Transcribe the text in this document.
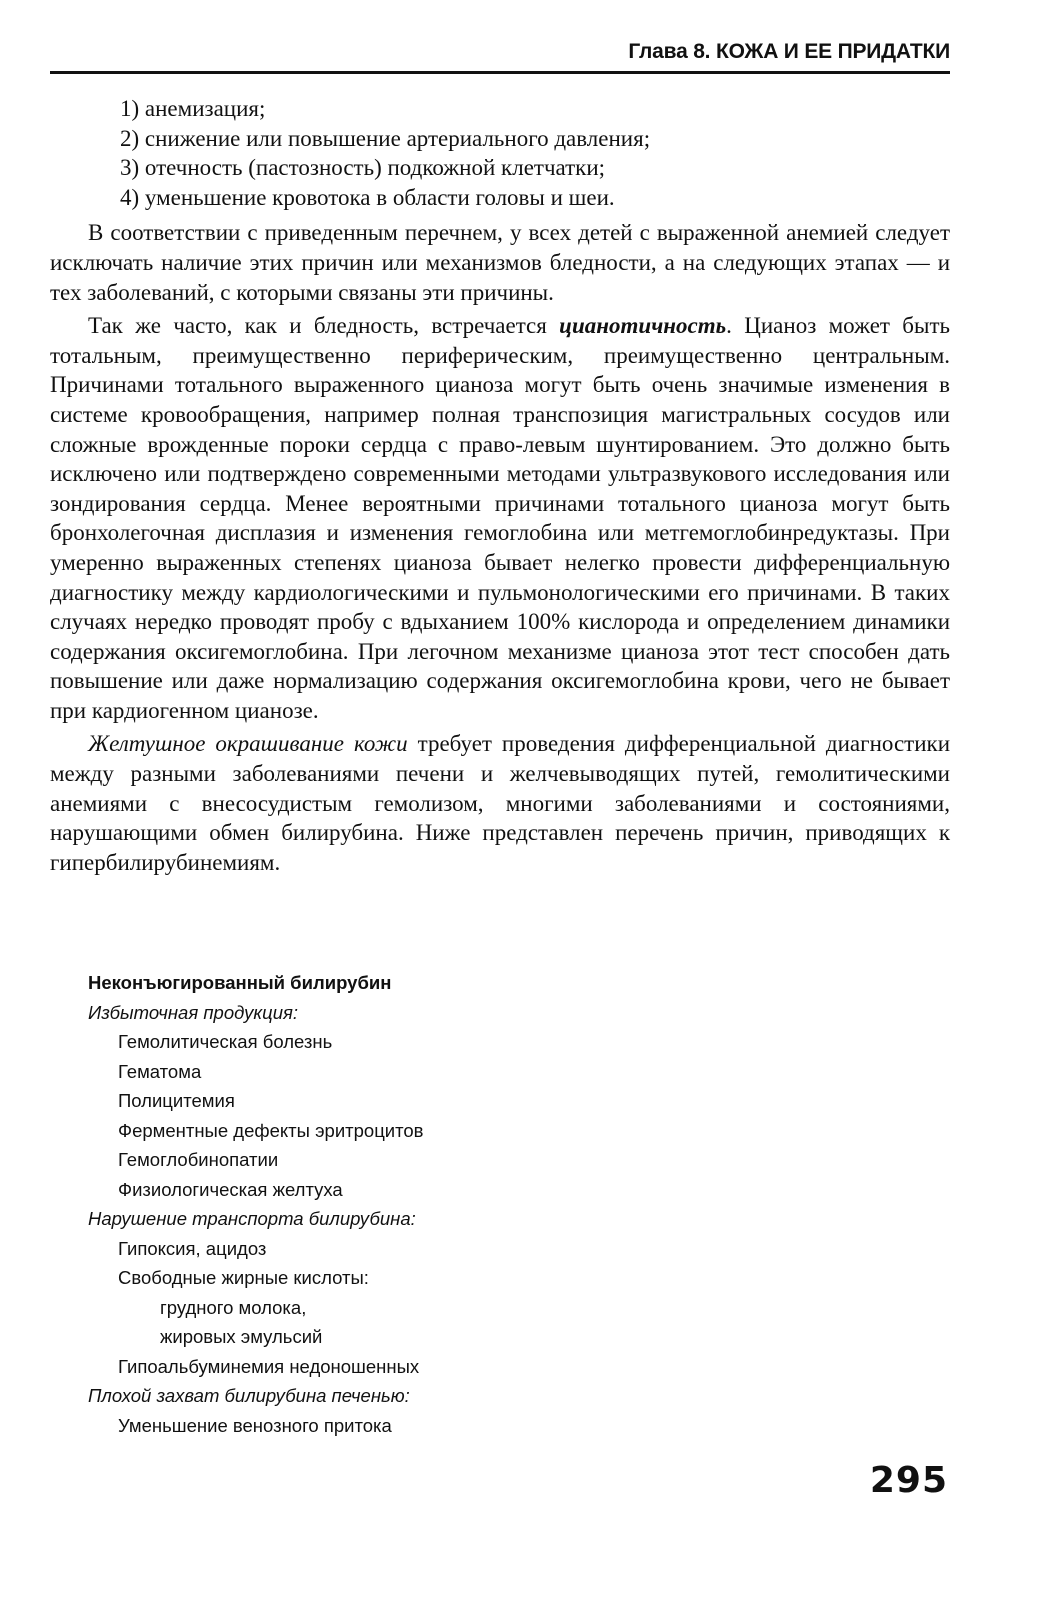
Глава 8. КОЖА И ЕЕ ПРИДАТКИ
1) анемизация;
2) снижение или повышение артериального давления;
3) отечность (пастозность) подкожной клетчатки;
4) уменьшение кровотока в области головы и шеи.

В соответствии с приведенным перечнем, у всех детей с выраженной анемией следует исключать наличие этих причин или механизмов бледности, а на следующих этапах — и тех заболеваний, с которыми связаны эти причины.

Так же часто, как и бледность, встречается цианотичность. Цианоз может быть тотальным, преимущественно периферическим, преимущественно центральным. Причинами тотального выраженного цианоза могут быть очень значимые изменения в системе кровообращения, например полная транспозиция магистральных сосудов или сложные врожденные пороки сердца с право-левым шунтированием. Это должно быть исключено или подтверждено современными методами ультразвукового исследования или зондирования сердца. Менее вероятными причинами тотального цианоза могут быть бронхолегочная дисплазия и изменения гемоглобина или метгемоглобинредуктазы. При умеренно выраженных степенях цианоза бывает нелегко провести дифференциальную диагностику между кардиологическими и пульмонологическими его причинами. В таких случаях нередко проводят пробу с вдыханием 100% кислорода и определением динамики содержания оксигемоглобина. При легочном механизме цианоза этот тест способен дать повышение или даже нормализацию содержания оксигемоглобина крови, чего не бывает при кардиогенном цианозе.

Желтушное окрашивание кожи требует проведения дифференциальной диагностики между разными заболеваниями печени и желчевыводящих путей, гемолитическими анемиями с внесосудистым гемолизом, многими заболеваниями и состояниями, нарушающими обмен билирубина. Ниже представлен перечень причин, приводящих к гипербилирубинемиям.

Неконъюгированный билирубин
Избыточная продукция:
Гемолитическая болезнь
Гематома
Полицитемия
Ферментные дефекты эритроцитов
Гемоглобинопатии
Физиологическая желтуха
Нарушение транспорта билирубина:
Гипоксия, ацидоз
Свободные жирные кислоты:
грудного молока,
жировых эмульсий
Гипоальбуминемия недоношенных
Плохой захват билирубина печенью:
Уменьшение венозного притока
295
